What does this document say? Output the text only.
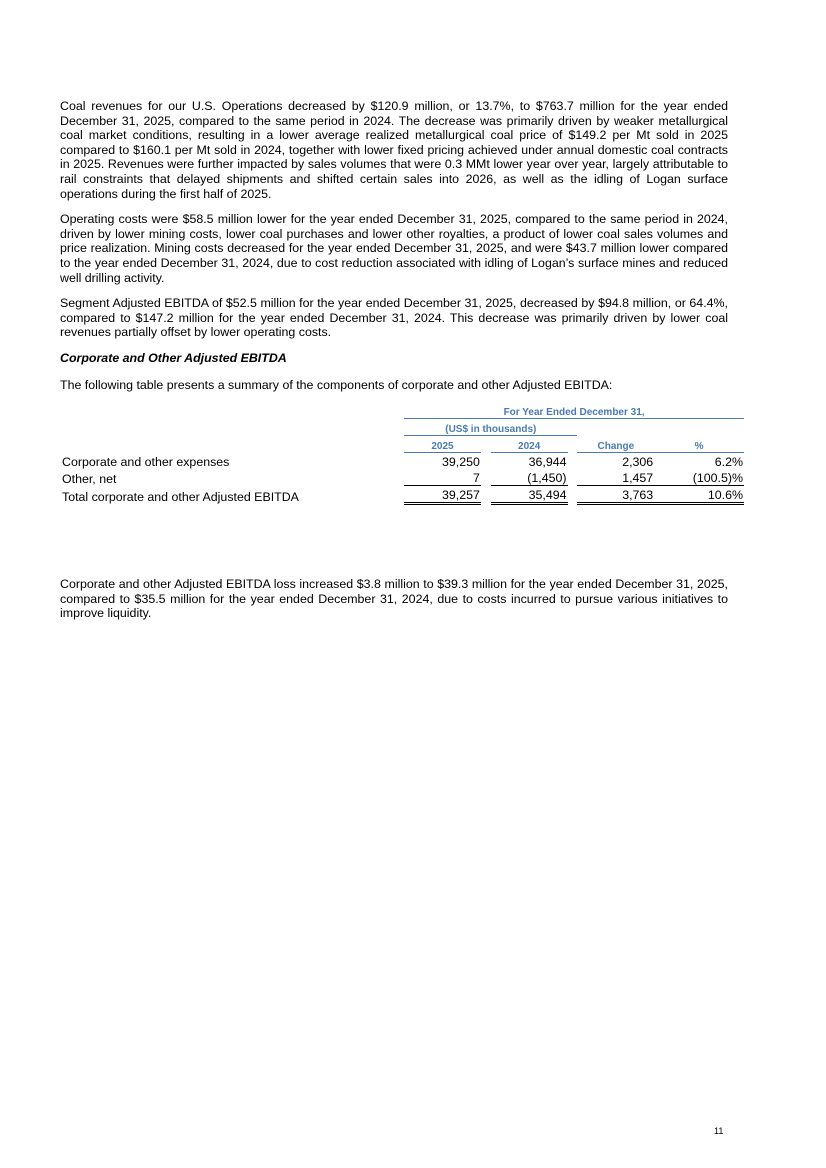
Coal revenues for our U.S. Operations decreased by $120.9 million, or 13.7%, to $763.7 million for the year ended December 31, 2025, compared to the same period in 2024. The decrease was primarily driven by weaker metallurgical coal market conditions, resulting in a lower average realized metallurgical coal price of $149.2 per Mt sold in 2025 compared to $160.1 per Mt sold in 2024, together with lower fixed pricing achieved under annual domestic coal contracts in 2025. Revenues were further impacted by sales volumes that were 0.3 MMt lower year over year, largely attributable to rail constraints that delayed shipments and shifted certain sales into 2026, as well as the idling of Logan surface operations during the first half of 2025.

Operating costs were $58.5 million lower for the year ended December 31, 2025, compared to the same period in 2024, driven by lower mining costs, lower coal purchases and lower other royalties, a product of lower coal sales volumes and price realization. Mining costs decreased for the year ended December 31, 2025, and were $43.7 million lower compared to the year ended December 31, 2024, due to cost reduction associated with idling of Logan’s surface mines and reduced well drilling activity.

Segment Adjusted EBITDA of $52.5 million for the year ended December 31, 2025, decreased by $94.8 million, or 64.4%, compared to $147.2 million for the year ended December 31, 2024. This decrease was primarily driven by lower coal revenues partially offset by lower operating costs.

Corporate and Other Adjusted EBITDA
The following table presents a summary of the components of corporate and other Adjusted EBITDA:
	For Year Ended December 31,					
	(US$ in thousands)					
	2025		2024		Change	%
Corporate and other expenses	39,250		36,944		2,306	6.2%
Other, net	7		(1,450)		1,457	(100.5)%
Total corporate and other Adjusted EBITDA	39,257		35,494		3,763	10.6%

Corporate and other Adjusted EBITDA loss increased $3.8 million to $39.3 million for the year ended December 31, 2025, compared to $35.5 million for the year ended December 31, 2024, due to costs incurred to pursue various initiatives to improve liquidity.

11
